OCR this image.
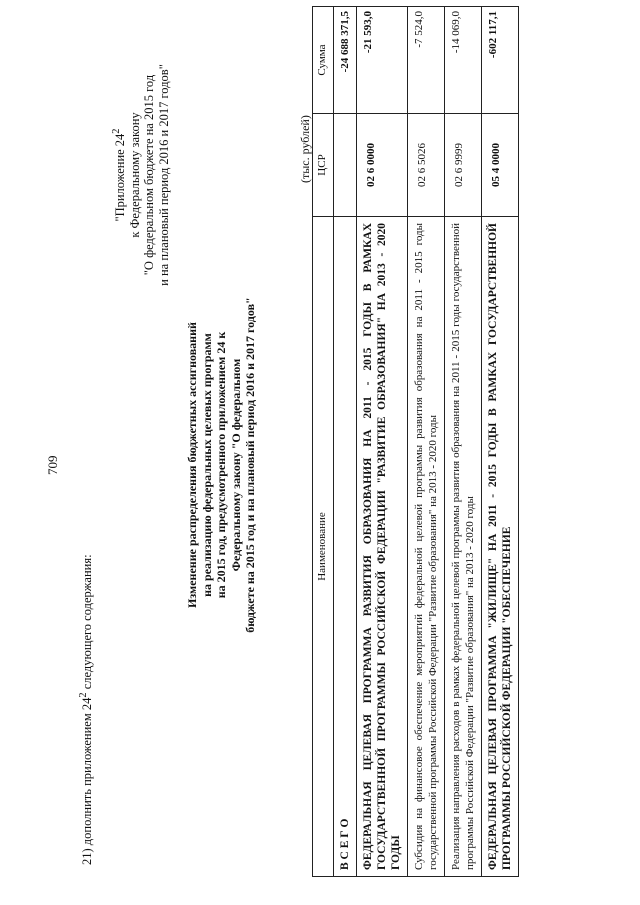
709
21) дополнить приложением $24^2$ следующего содержания:
"Приложение $24^2$ к Федеральному закону "О федеральном бюджете на 2015 год и на плановый период 2016 и 2017 годов"
Изменение распределения бюджетных ассигнований на реализацию федеральных целевых программ на 2015 год, предусмотренного приложением 24 к Федеральному закону "О федеральном бюджете на 2015 год и на плановый период 2016 и 2017 годов"
(тыс. рублей)
Наименование	ЦСР	Сумма
В С Е Г О		-24 688 371,5
ФЕДЕРАЛЬНАЯ ЦЕЛЕВАЯ ПРОГРАММА РАЗВИТИЯ ОБРАЗОВАНИЯ НА 2011 - 2015 ГОДЫ В РАМКАХ ГОСУДАРСТВЕННОЙ ПРОГРАММЫ РОССИЙСКОЙ ФЕДЕРАЦИИ "РАЗВИТИЕ ОБРАЗОВАНИЯ" НА 2013 - 2020 ГОДЫ	02 6 0000	-21 593,0
Субсидия на финансовое обеспечение мероприятий федеральной целевой программы развития образования на 2011 - 2015 годы государственной программы Российской Федерации "Развитие образования" на 2013 - 2020 годы	02 6 5026	-7 524,0
Реализация направления расходов в рамках федеральной целевой программы развития образования на 2011 - 2015 годы государственной программы Российской Федерации "Развитие образования" на 2013 - 2020 годы	02 6 9999	-14 069,0
ФЕДЕРАЛЬНАЯ ЦЕЛЕВАЯ ПРОГРАММА "ЖИЛИЩЕ" НА 2011 - 2015 ГОДЫ В РАМКАХ ГОСУДАРСТВЕННОЙ ПРОГРАММЫ РОССИЙСКОЙ ФЕДЕРАЦИИ "ОБЕСПЕЧЕНИЕ	05 4 0000	-602 117,1
